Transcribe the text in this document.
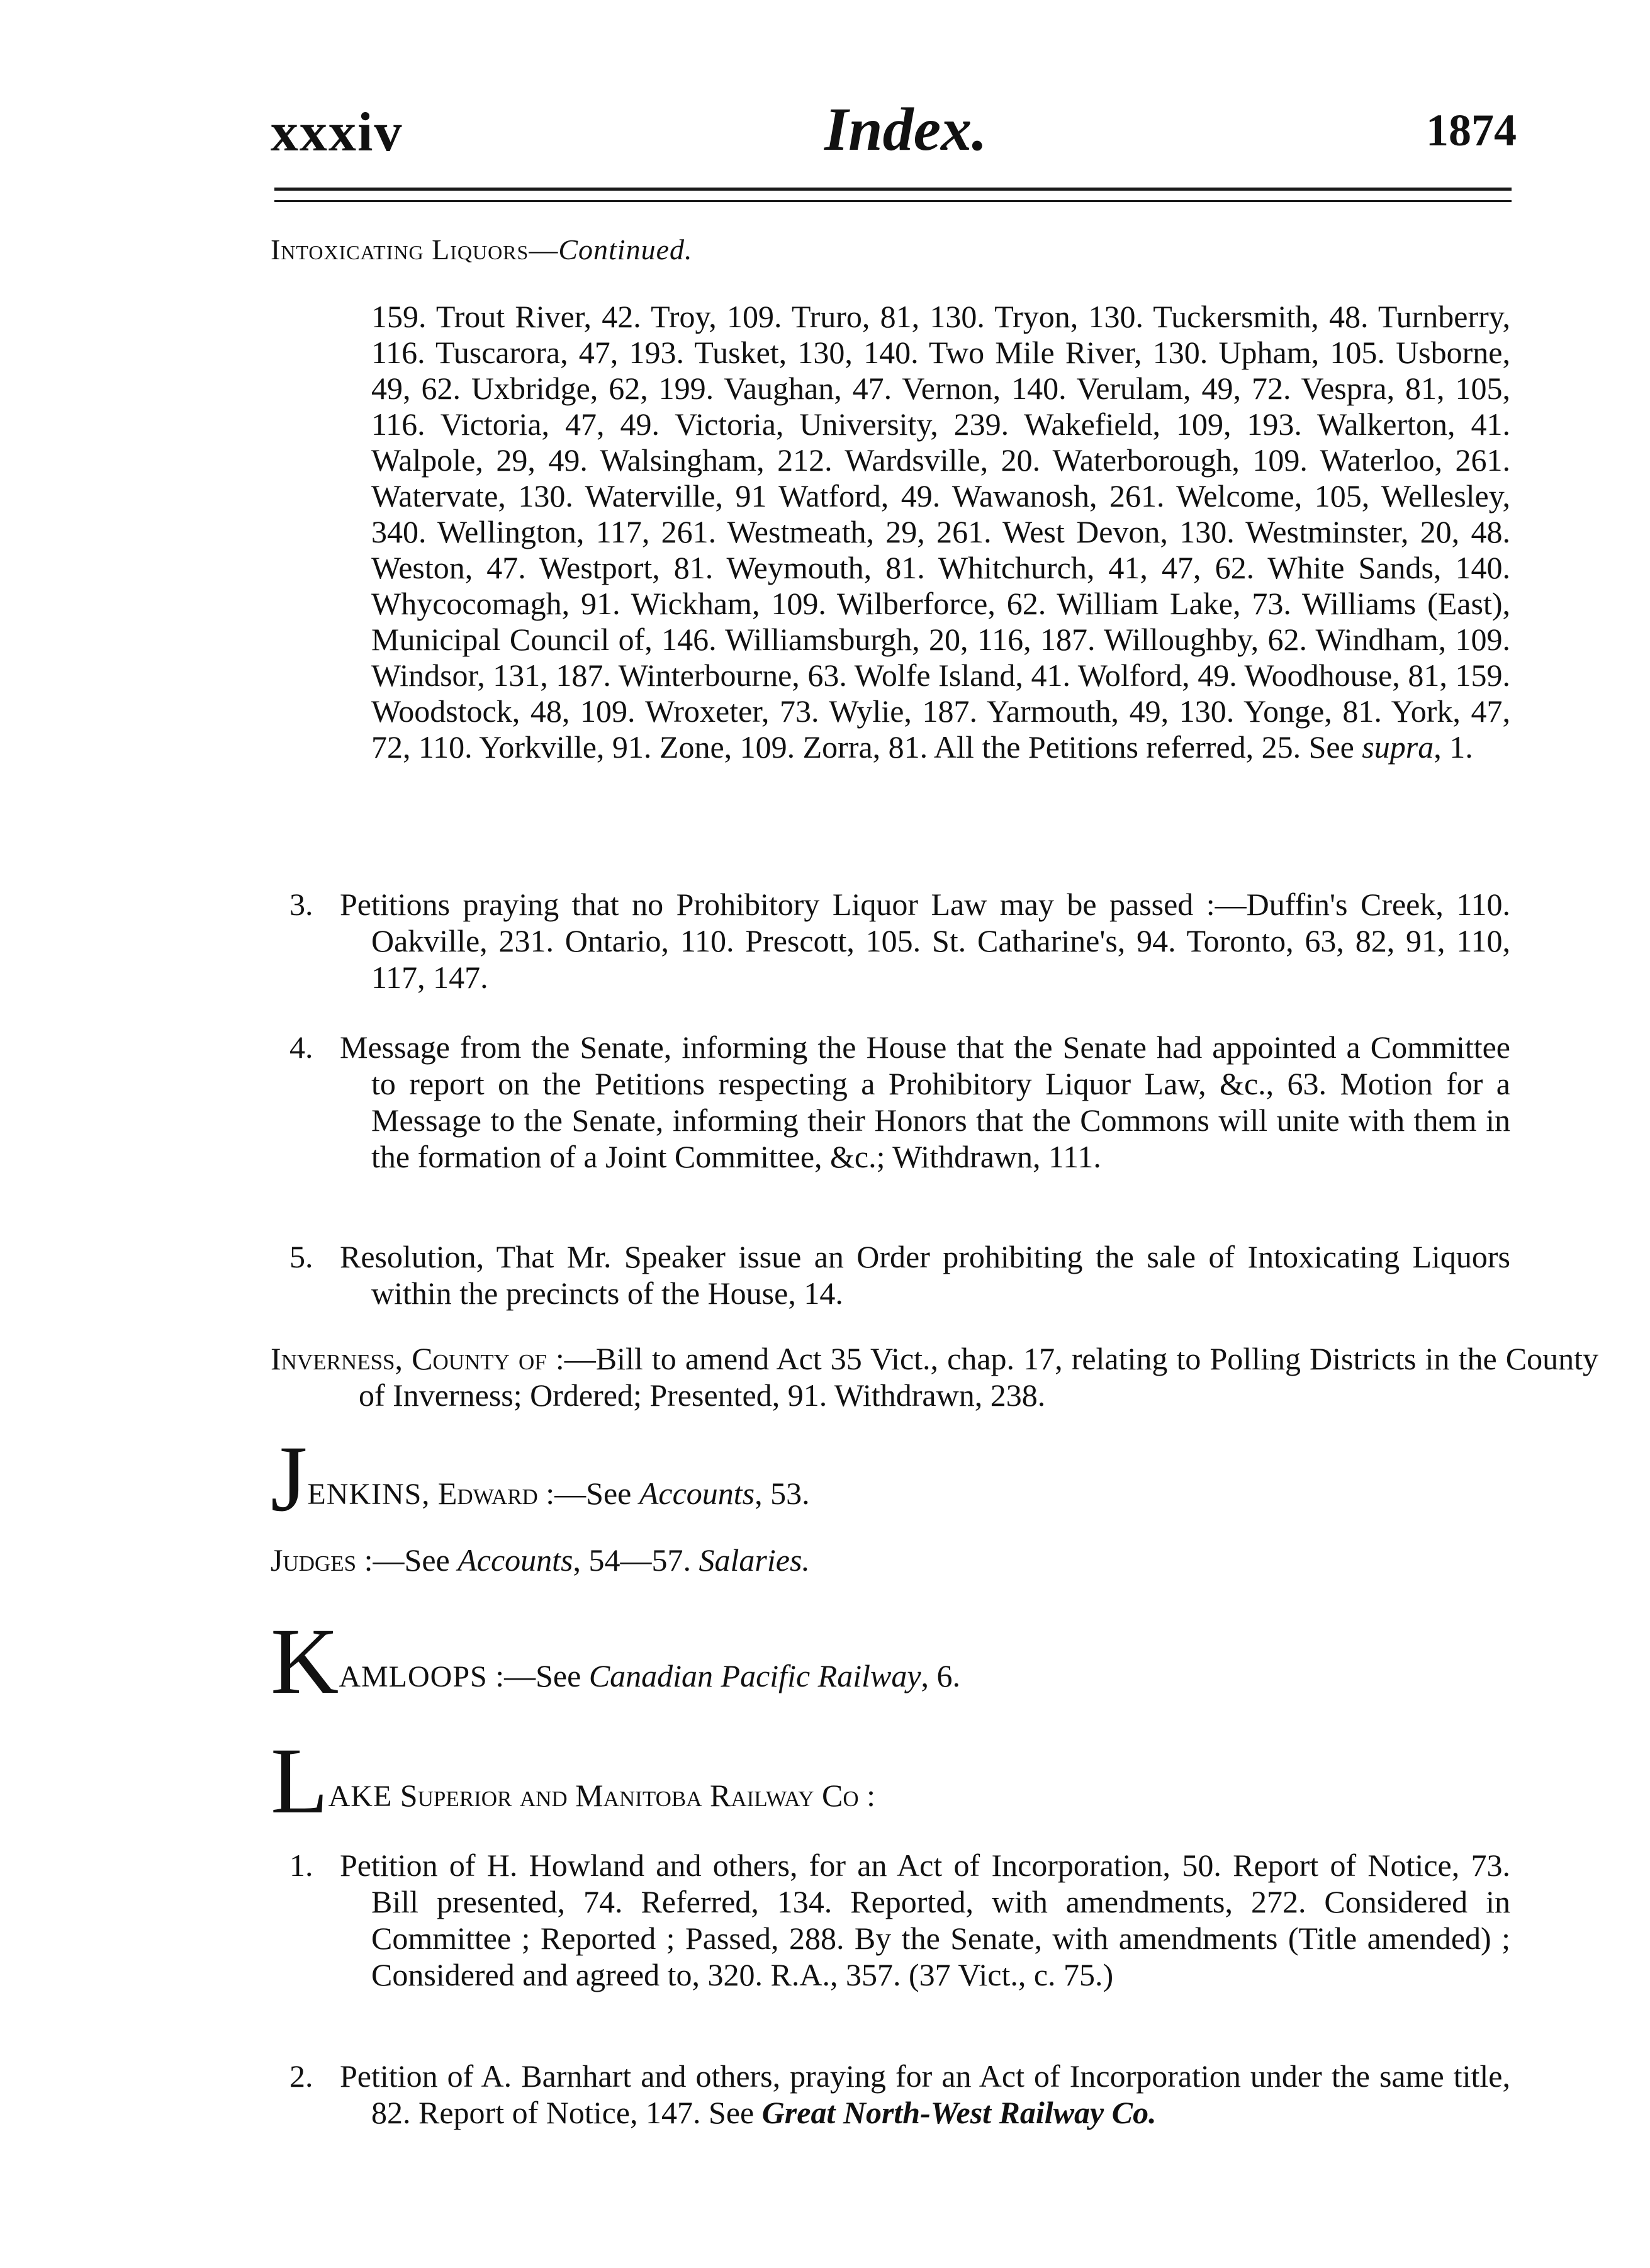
xxxiv	Index.	1874
Intoxicating Liquors—Continued.
159. Trout River, 42. Troy, 109. Truro, 81, 130. Tryon, 130. Tuckersmith, 48. Turnberry, 116. Tuscarora, 47, 193. Tusket, 130, 140. Two Mile River, 130. Upham, 105. Usborne, 49, 62. Uxbridge, 62, 199. Vaughan, 47. Vernon, 140. Verulam, 49, 72. Vespra, 81, 105, 116. Victoria, 47, 49. Victoria, University, 239. Wakefield, 109, 193. Walkerton, 41. Walpole, 29, 49. Walsingham, 212. Wardsville, 20. Waterborough, 109. Waterloo, 261. Watervate, 130. Waterville, 91 Watford, 49. Wawanosh, 261. Welcome, 105, Wellesley, 340. Wellington, 117, 261. Westmeath, 29, 261. West Devon, 130. Westminster, 20, 48. Weston, 47. Westport, 81. Weymouth, 81. Whitchurch, 41, 47, 62. White Sands, 140. Whycocomagh, 91. Wickham, 109. Wilberforce, 62. William Lake, 73. Williams (East), Municipal Council of, 146. Williamsburgh, 20, 116, 187. Willoughby, 62. Windham, 109. Windsor, 131, 187. Winterbourne, 63. Wolfe Island, 41. Wolford, 49. Woodhouse, 81, 159. Woodstock, 48, 109. Wroxeter, 73. Wylie, 187. Yarmouth, 49, 130. Yonge, 81. York, 47, 72, 110. Yorkville, 91. Zone, 109. Zorra, 81. All the Petitions referred, 25. See supra, 1.
3. Petitions praying that no Prohibitory Liquor Law may be passed :—Duffin's Creek, 110. Oakville, 231. Ontario, 110. Prescott, 105. St. Catharine's, 94. Toronto, 63, 82, 91, 110, 117, 147.
4. Message from the Senate, informing the House that the Senate had appointed a Committee to report on the Petitions respecting a Prohibitory Liquor Law, &c., 63. Motion for a Message to the Senate, informing their Honors that the Commons will unite with them in the formation of a Joint Committee, &c.; Withdrawn, 111.
5. Resolution, That Mr. Speaker issue an Order prohibiting the sale of Intoxicating Liquors within the precincts of the House, 14.
Inverness, County of :—Bill to amend Act 35 Vict., chap. 17, relating to Polling Districts in the County of Inverness; Ordered; Presented, 91. Withdrawn, 238.
JENKINS, Edward :—See Accounts, 53.
Judges :—See Accounts, 54—57. Salaries.
KAMLOOPS :—See Canadian Pacific Railway, 6.
LAKE Superior and Manitoba Railway Co :
1. Petition of H. Howland and others, for an Act of Incorporation, 50. Report of Notice, 73. Bill presented, 74. Referred, 134. Reported, with amendments, 272. Considered in Committee ; Reported ; Passed, 288. By the Senate, with amendments (Title amended) ; Considered and agreed to, 320. R.A., 357. (37 Vict., c. 75.)
2. Petition of A. Barnhart and others, praying for an Act of Incorporation under the same title, 82. Report of Notice, 147. See Great North-West Railway Co.
